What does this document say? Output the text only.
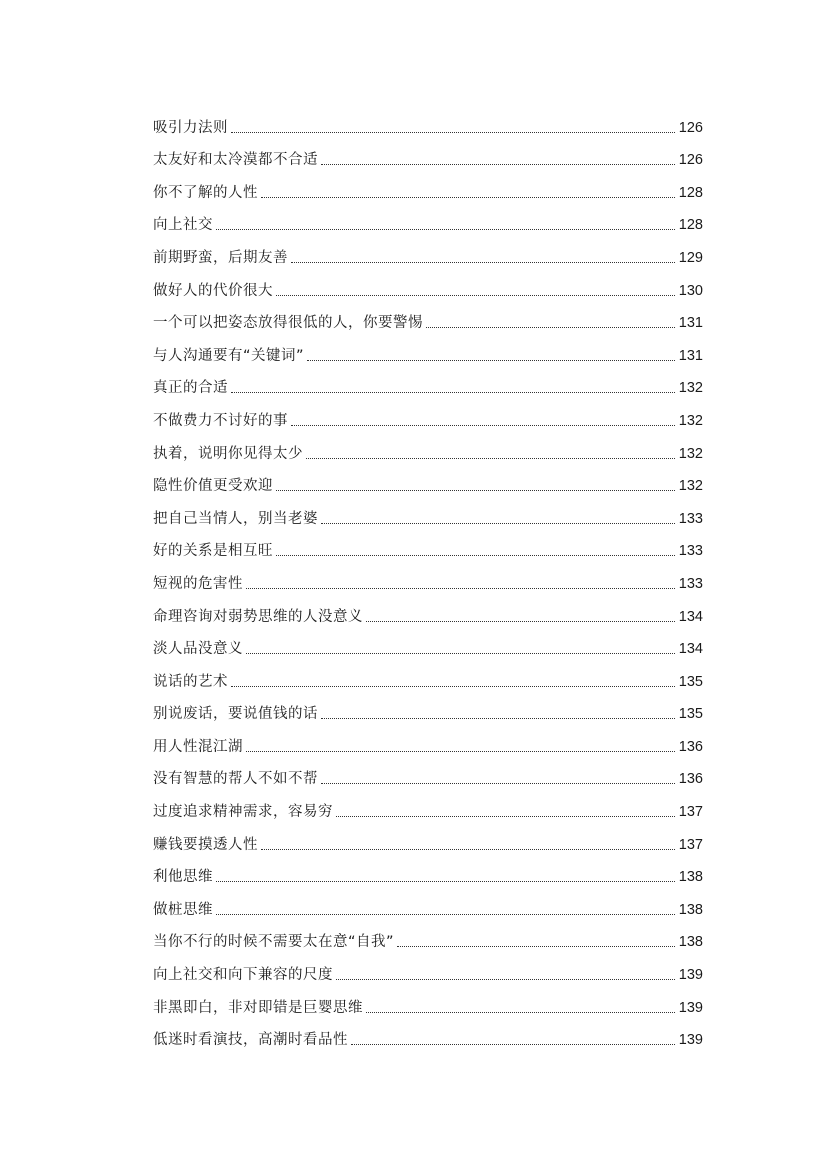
吸引力法则	126
太友好和太冷漠都不合适	126
你不了解的人性	128
向上社交	128
前期野蛮，后期友善	129
做好人的代价很大	130
一个可以把姿态放得很低的人，你要警惕	131
与人沟通要有“关键词”	131
真正的合适	132
不做费力不讨好的事	132
执着，说明你见得太少	132
隐性价值更受欢迎	132
把自己当情人，别当老婆	133
好的关系是相互旺	133
短视的危害性	133
命理咨询对弱势思维的人没意义	134
淡人品没意义	134
说话的艺术	135
别说废话，要说值钱的话	135
用人性混江湖	136
没有智慧的帮人不如不帮	136
过度追求精神需求，容易穷	137
赚钱要摸透人性	137
利他思维	138
做桩思维	138
当你不行的时候不需要太在意“自我”	138
向上社交和向下兼容的尺度	139
非黑即白，非对即错是巨婴思维	139
低迷时看演技，高潮时看品性	139
